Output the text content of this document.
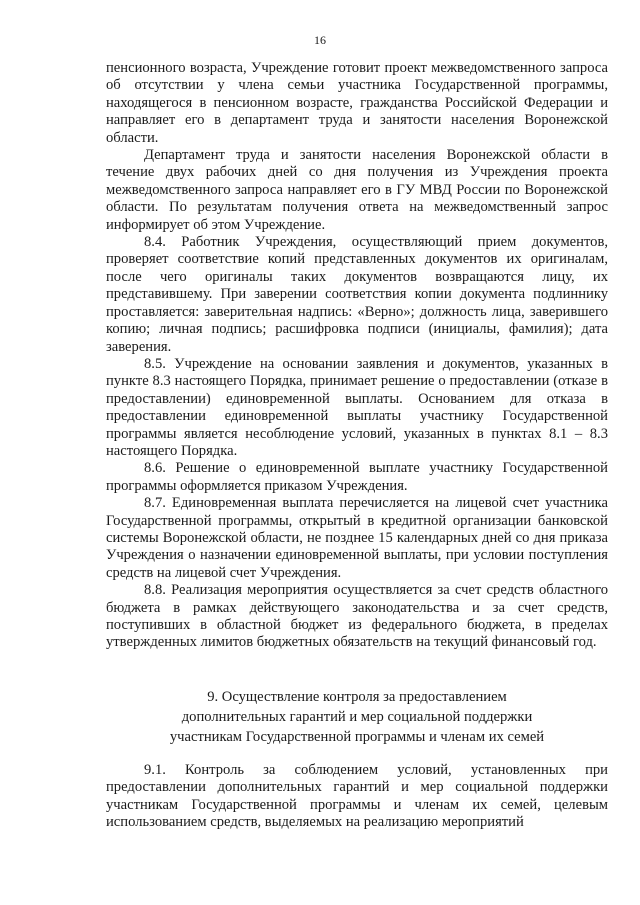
16

пенсионного возраста, Учреждение готовит проект межведомственного запроса об отсутствии у члена семьи участника Государственной программы, находящегося в пенсионном возрасте, гражданства Российской Федерации и направляет его в департамент труда и занятости населения Воронежской области.

Департамент труда и занятости населения Воронежской области в течение двух рабочих дней со дня получения из Учреждения проекта межведомственного запроса направляет его в ГУ МВД России по Воронежской области. По результатам получения ответа на межведомственный запрос информирует об этом Учреждение.

8.4. Работник Учреждения, осуществляющий прием документов, проверяет соответствие копий представленных документов их оригиналам, после чего оригиналы таких документов возвращаются лицу, их представившему. При заверении соответствия копии документа подлиннику проставляется: заверительная надпись: «Верно»; должность лица, заверившего копию; личная подпись; расшифровка подписи (инициалы, фамилия); дата заверения.

8.5. Учреждение на основании заявления и документов, указанных в пункте 8.3 настоящего Порядка, принимает решение о предоставлении (отказе в предоставлении) единовременной выплаты. Основанием для отказа в предоставлении единовременной выплаты участнику Государственной программы является несоблюдение условий, указанных в пунктах 8.1 – 8.3 настоящего Порядка.

8.6. Решение о единовременной выплате участнику Государственной программы оформляется приказом Учреждения.

8.7. Единовременная выплата перечисляется на лицевой счет участника Государственной программы, открытый в кредитной организации банковской системы Воронежской области, не позднее 15 календарных дней со дня приказа Учреждения о назначении единовременной выплаты, при условии поступления средств на лицевой счет Учреждения.

8.8. Реализация мероприятия осуществляется за счет средств областного бюджета в рамках действующего законодательства и за счет средств, поступивших в областной бюджет из федерального бюджета, в пределах утвержденных лимитов бюджетных обязательств на текущий финансовый год.

9. Осуществление контроля за предоставлением
дополнительных гарантий и мер социальной поддержки
участникам Государственной программы и членам их семей

9.1. Контроль за соблюдением условий, установленных при предоставлении дополнительных гарантий и мер социальной поддержки участникам Государственной программы и членам их семей, целевым использованием средств, выделяемых на реализацию мероприятий
